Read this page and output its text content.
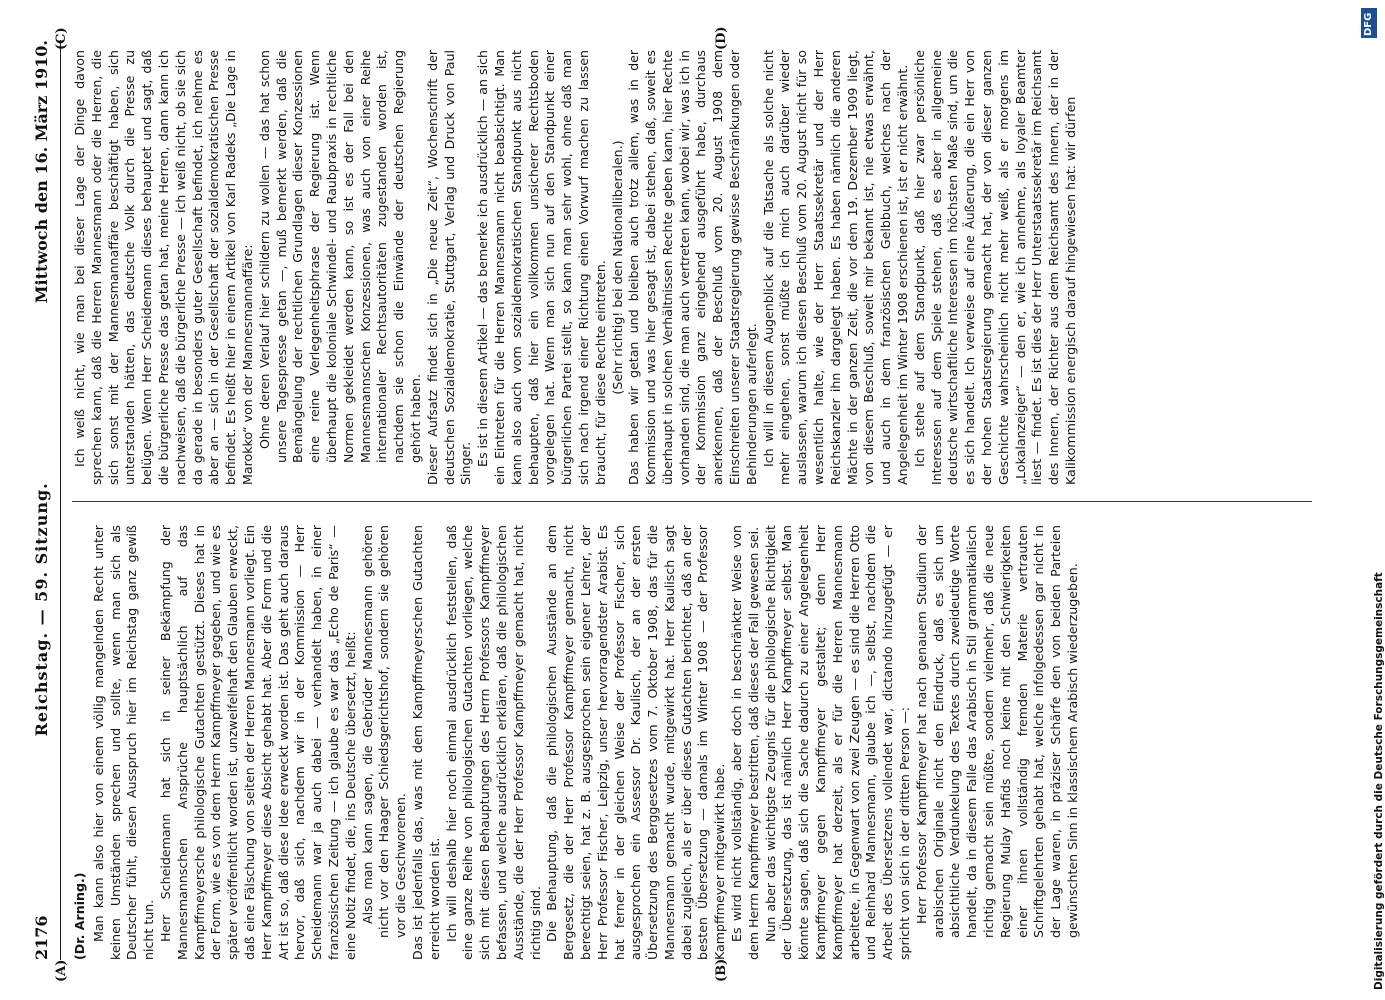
2176
Reichstag. — 59. Sitzung.
Mittwoch den 16. März 1910.
(A)	(B)
(C)	(D)

(Dr. Arning.) Man kann also hier von einem völlig mangelnden Recht unter keinen Umständen sprechen und sollte, wenn man sich als Deutscher fühlt, diesen Ausspruch hier im Reichstag ganz gewiß nicht tun. Herr Scheidemann hat sich in seiner Bekämpfung der Mannesmannschen Ansprüche hauptsächlich auf das Kampffmeyersche philologische Gutachten gestützt. Dieses hat in der Form, wie es von dem Herrn Kampffmeyer gegeben, und wie es später veröffentlicht worden ist, unzweifelhaft den Glauben erweckt, daß eine Fälschung von seiten der Herren Mannesmann vorliegt. Ein Herr Kampffmeyer diese Absicht gehabt hat. Aber die Form und die Art ist so, daß diese Idee erweckt worden ist. Das geht auch daraus hervor, daß sich, nachdem wir in der Kommission — Herr Scheidemann war ja auch dabei — verhandelt haben, in einer französischen Zeitung — ich glaube es war das „Echo de Paris“ — eine Notiz findet, die, ins Deutsche übersetzt, heißt: Also man kann sagen, die Gebrüder Mannesmann gehören nicht vor den Haager Schiedsgerichtshof, sondern sie gehören vor die Geschworenen. Das ist jedenfalls das, was mit dem Kampffmeyerschen Gutachten erreicht worden ist. Ich will deshalb hier noch einmal ausdrücklich feststellen, daß eine ganze Reihe von philologischen Gutachten vorliegen, welche sich mit diesen Behauptungen des Herrn Professors Kampffmeyer befassen, und welche ausdrücklich erklären, daß die philologischen Ausstände, die der Herr Professor Kampffmeyer gemacht hat, nicht richtig sind. Die Behauptung, daß die philologischen Ausstände an dem Bergesetz, die der Herr Professor Kampffmeyer gemacht, nicht berechtigt seien, hat z. B. ausgesprochen sein eigener Lehrer, der Herr Professor Fischer, Leipzig, unser hervorragendster Arabist. Es hat ferner in der gleichen Weise der Professor Fischer, sich ausgesprochen ein Assessor Dr. Kaulisch, der an der ersten Übersetzung des Berggesetzes vom 7. Oktober 1908, das für die Mannesmann gemacht wurde, mitgewirkt hat. Herr Kaulisch sagt dabei zugleich, als er über dieses Gutachten berichtet, daß an der besten Übersetzung — damals im Winter 1908 — der Professor Kampffmeyer mitgewirkt habe. Es wird nicht vollständig, aber doch in beschränkter Weise von dem Herrn Kampffmeyer bestritten, daß dieses der Fall gewesen sei. Nun aber das wichtigste Zeugnis für die philologische Richtigkeit der Übersetzung, das ist nämlich Herr Kampffmeyer selbst. Man könnte sagen, daß sich die Sache dadurch zu einer Angelegenheit Kampffmeyer gegen Kampffmeyer gestaltet; denn Herr Kampffmeyer hat derzeit, als er für die Herren Mannesmann arbeitete, in Gegenwart von zwei Zeugen — es sind die Herren Otto und Reinhard Mannesmann, glaube ich —, selbst, nachdem die Arbeit des Übersetzens vollendet war, dictando hinzugefügt — er spricht von sich in der dritten Person —: Herr Professor Kampffmeyer hat nach genauem Studium der arabischen Originale nicht den Eindruck, daß es sich um absichtliche Verdunkelung des Textes durch zweideutige Worte handelt, da in diesem Falle das Arabisch in Stil grammatikalisch richtig gemacht sein müßte, sondern vielmehr, daß die neue Regierung Mulay Hafids noch keine mit den Schwierigkeiten einer ihnen vollständig fremden Materie vertrauten Schriftgelehrten gehabt hat, welche infolgedessen gar nicht in der Lage waren, in präziser Schärfe den von beiden Parteien gewünschten Sinn in klassischem Arabisch wiederzugeben.

Ich weiß nicht, wie man bei dieser Lage der Dinge davon sprechen kann, daß die Herren Mannesmann oder die Herren, die sich sonst mit der Mannesmannaffäre beschäftigt haben, sich unterstanden hätten, das deutsche Volk durch die Presse zu belügen. Wenn Herr Scheidemann dieses behauptet und sagt, daß die bürgerliche Presse das getan hat, meine Herren, dann kann ich nachweisen, daß die bürgerliche Presse — ich weiß nicht, ob sie sich da gerade in besonders guter Gesellschaft befindet, ich nehme es aber an — sich in der Gesellschaft der sozialdemokratischen Presse befindet. Es heißt hier in einem Artikel von Karl Radeks „Die Lage in Marokko“ von der Mannesmannaffäre: Ohne deren Verlauf hier schildern zu wollen — das hat schon unsere Tagespresse getan —, muß bemerkt werden, daß die Bemängelung der rechtlichen Grundlagen dieser Konzessionen eine reine Verlegenheitsphrase der Regierung ist. Wenn überhaupt die koloniale Schwindel- und Raubpraxis in rechtliche Normen gekleidet werden kann, so ist es der Fall bei den Mannesmannschen Konzessionen, was auch von einer Reihe internationaler Rechtsautoritäten zugestanden worden ist, nachdem sie schon die Einwände der deutschen Regierung gehört haben. Dieser Aufsatz findet sich in „Die neue Zeit“, Wochenschrift der deutschen Sozialdemokratie, Stuttgart, Verlag und Druck von Paul Singer. Es ist in diesem Artikel — das bemerke ich ausdrücklich — an sich ein Eintreten für die Herren Mannesmann nicht beabsichtigt. Man kann also auch vom sozialdemokratischen Standpunkt aus nicht behaupten, daß hier ein vollkommen unsicherer Rechtsboden vorgelegen hat. Wenn man sich nun auf den Standpunkt einer bürgerlichen Partei stellt, so kann man sehr wohl, ohne daß man sich nach irgend einer Richtung einen Vorwurf machen zu lassen braucht, für diese Rechte eintreten. (Sehr richtig! bei den Nationalliberalen.) Das haben wir getan und bleiben auch trotz allem, was in der Kommission und was hier gesagt ist, dabei stehen, daß, soweit es überhaupt in solchen Verhältnissen Rechte geben kann, hier Rechte vorhanden sind, die man auch vertreten kann, wobei wir, was ich in der Kommission ganz eingehend ausgeführt habe, durchaus anerkennen, daß der Beschluß vom 20. August 1908 dem Einschreiten unserer Staatsregierung gewisse Beschränkungen oder Behinderungen auferlegt. Ich will in diesem Augenblick auf die Tatsache als solche nicht mehr eingehen, sonst müßte ich mich auch darüber wieder auslassen, warum ich diesen Beschluß vom 20. August nicht für so wesentlich halte, wie der Herr Staatssekretär und der Herr Reichskanzler ihn dargelegt haben. Es haben nämlich die anderen Mächte in der ganzen Zeit, die vor dem 19. Dezember 1909 liegt, von diesem Beschluß, soweit mir bekannt ist, nie etwas erwähnt, und auch in dem französischen Gelbbuch, welches nach der Angelegenheit im Winter 1908 erschienen ist, ist er nicht erwähnt. Ich stehe auf dem Standpunkt, daß hier zwar persönliche Interessen auf dem Spiele stehen, daß es aber in allgemeine deutsche wirtschaftliche Interessen im höchsten Maße sind, um die es sich handelt. Ich verweise auf eine Äußerung, die ein Herr von der hohen Staatsregierung gemacht hat, der von dieser ganzen Geschichte wahrscheinlich nicht mehr weiß, als er morgens im „Lokalanzeiger“ — den er, wie ich annehme, als loyaler Beamter liest — findet. Es ist dies der Herr Unterstaatssekretär im Reichsamt des Innern, der Richter aus dem Reichsamt des Innern, der in der Kalikommission energisch darauf hingewiesen hat: wir dürfen

Digitalisierung gefördert durch die Deutsche Forschungsgemeinschaft
DFG
